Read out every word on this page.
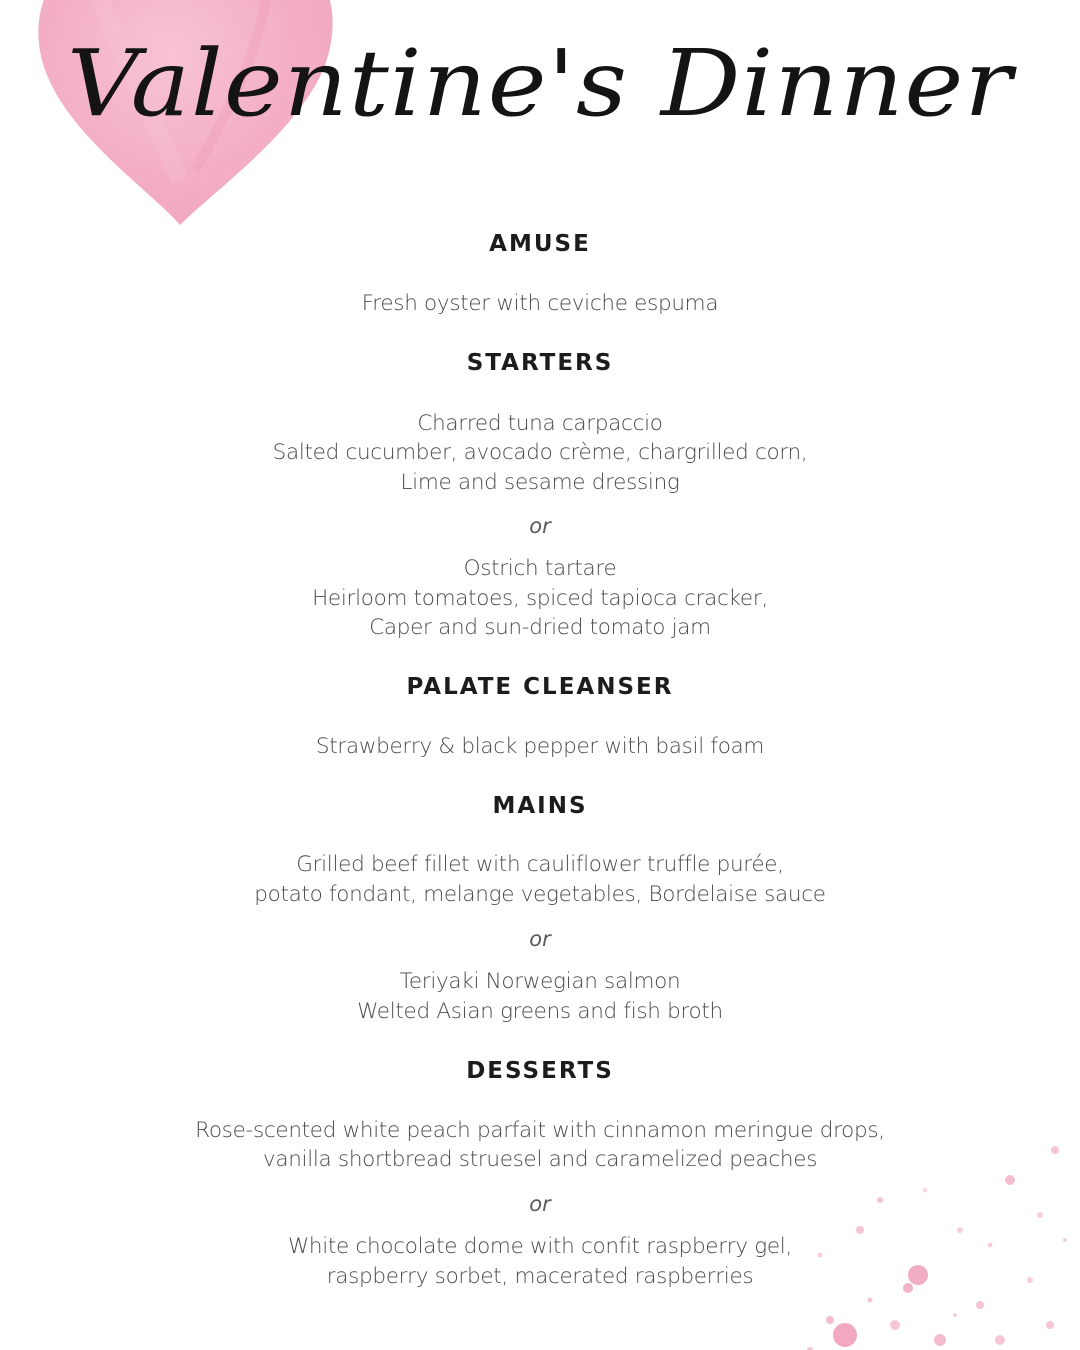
Valentine's Dinner
AMUSE
Fresh oyster with ceviche espuma
STARTERS
Charred tuna carpaccio
Salted cucumber, avocado crème, chargrilled corn,
Lime and sesame dressing
or
Ostrich tartare
Heirloom tomatoes, spiced tapioca cracker,
Caper and sun-dried tomato jam
PALATE CLEANSER
Strawberry & black pepper with basil foam
MAINS
Grilled beef fillet with cauliflower truffle purée,
potato fondant, melange vegetables, Bordelaise sauce
or
Teriyaki Norwegian salmon
Welted Asian greens and fish broth
DESSERTS
Rose-scented white peach parfait with cinnamon meringue drops,
vanilla shortbread struesel and caramelized peaches
or
White chocolate dome with confit raspberry gel,
raspberry sorbet, macerated raspberries
